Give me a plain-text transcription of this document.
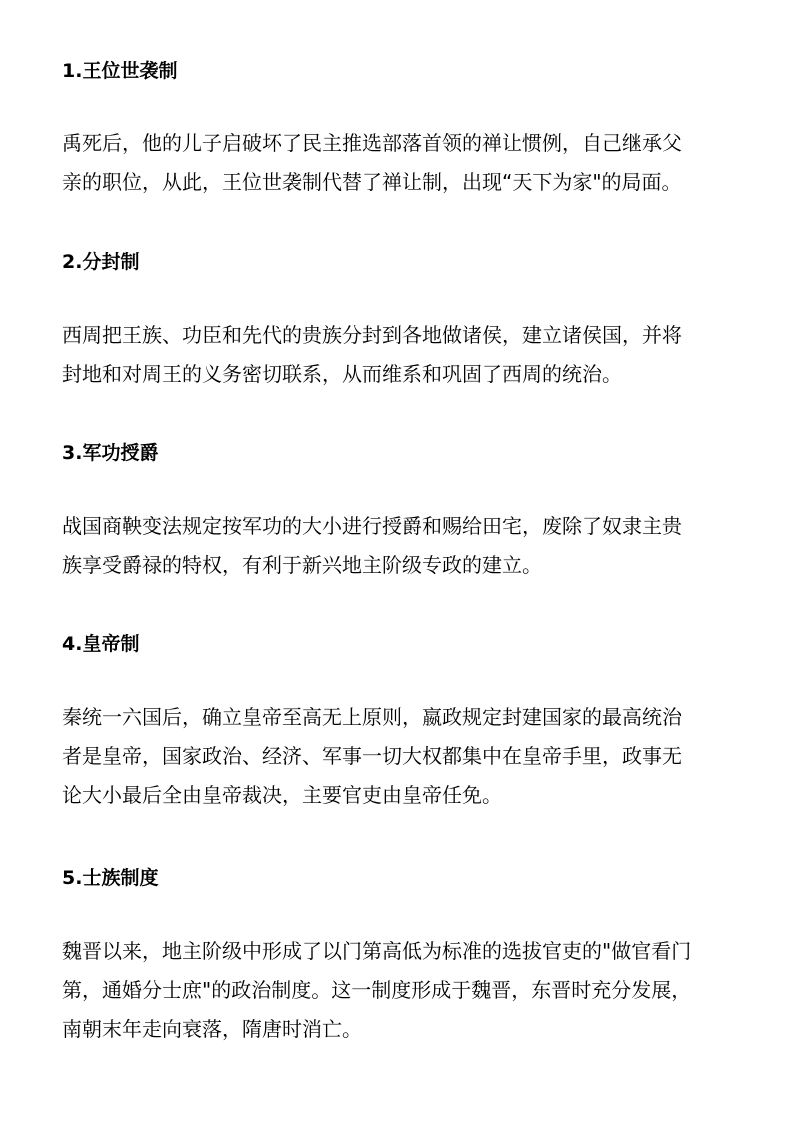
1.王位世袭制
禹死后，他的儿子启破坏了民主推选部落首领的禅让惯例，自己继承父
亲的职位，从此，王位世袭制代替了禅让制，出现“天下为家"的局面。
2.分封制
西周把王族、功臣和先代的贵族分封到各地做诸侯，建立诸侯国，并将
封地和对周王的义务密切联系，从而维系和巩固了西周的统治。
3.军功授爵
战国商鞅变法规定按军功的大小进行授爵和赐给田宅，废除了奴隶主贵
族享受爵禄的特权，有利于新兴地主阶级专政的建立。
4.皇帝制
秦统一六国后，确立皇帝至高无上原则，嬴政规定封建国家的最高统治
者是皇帝，国家政治、经济、军事一切大权都集中在皇帝手里，政事无
论大小最后全由皇帝裁决，主要官吏由皇帝任免。
5.士族制度
魏晋以来，地主阶级中形成了以门第高低为标准的选拔官吏的"做官看门
第，通婚分士庶"的政治制度。这一制度形成于魏晋，东晋时充分发展，
南朝末年走向衰落，隋唐时消亡。
